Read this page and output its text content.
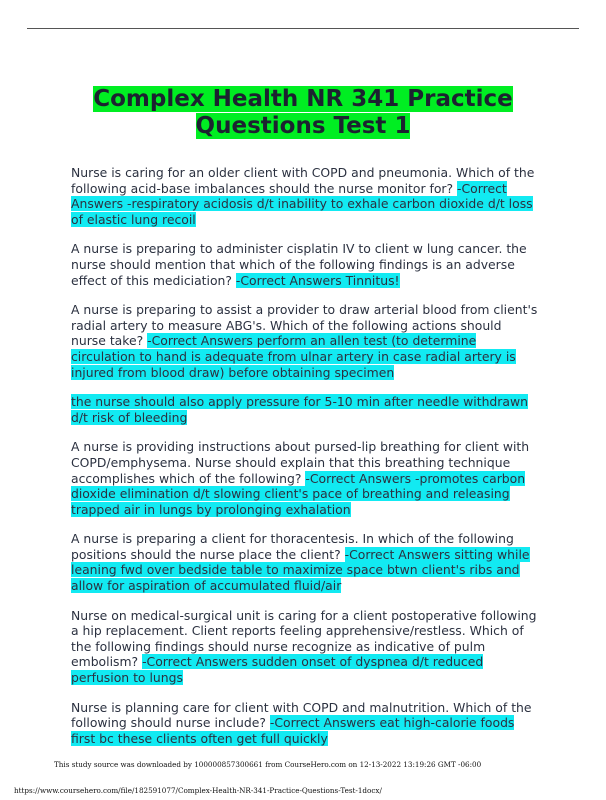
Complex Health NR 341 Practice
Questions Test 1

Nurse is caring for an older client with COPD and pneumonia. Which of the following acid-base imbalances should the nurse monitor for? -Correct Answers -respiratory acidosis d/t inability to exhale carbon dioxide d/t loss of elastic lung recoil

A nurse is preparing to administer cisplatin IV to client w lung cancer. the nurse should mention that which of the following findings is an adverse effect of this mediciation? -Correct Answers Tinnitus!

A nurse is preparing to assist a provider to draw arterial blood from client's radial artery to measure ABG's. Which of the following actions should nurse take? -Correct Answers perform an allen test (to determine circulation to hand is adequate from ulnar artery in case radial artery is injured from blood draw) before obtaining specimen

the nurse should also apply pressure for 5-10 min after needle withdrawn d/t risk of bleeding

A nurse is providing instructions about pursed-lip breathing for client with COPD/emphysema. Nurse should explain that this breathing technique accomplishes which of the following? -Correct Answers -promotes carbon dioxide elimination d/t slowing client's pace of breathing and releasing trapped air in lungs by prolonging exhalation

A nurse is preparing a client for thoracentesis. In which of the following positions should the nurse place the client? -Correct Answers sitting while leaning fwd over bedside table to maximize space btwn client's ribs and allow for aspiration of accumulated fluid/air

Nurse on medical-surgical unit is caring for a client postoperative following a hip replacement. Client reports feeling apprehensive/restless. Which of the following findings should nurse recognize as indicative of pulm embolism? -Correct Answers sudden onset of dyspnea d/t reduced perfusion to lungs

Nurse is planning care for client with COPD and malnutrition. Which of the following should nurse include? -Correct Answers eat high-calorie foods first bc these clients often get full quickly

This study source was downloaded by 100000857300661 from CourseHero.com on 12-13-2022 13:19:26 GMT -06:00
https://www.coursehero.com/file/182591077/Complex-Health-NR-341-Practice-Questions-Test-1docx/
